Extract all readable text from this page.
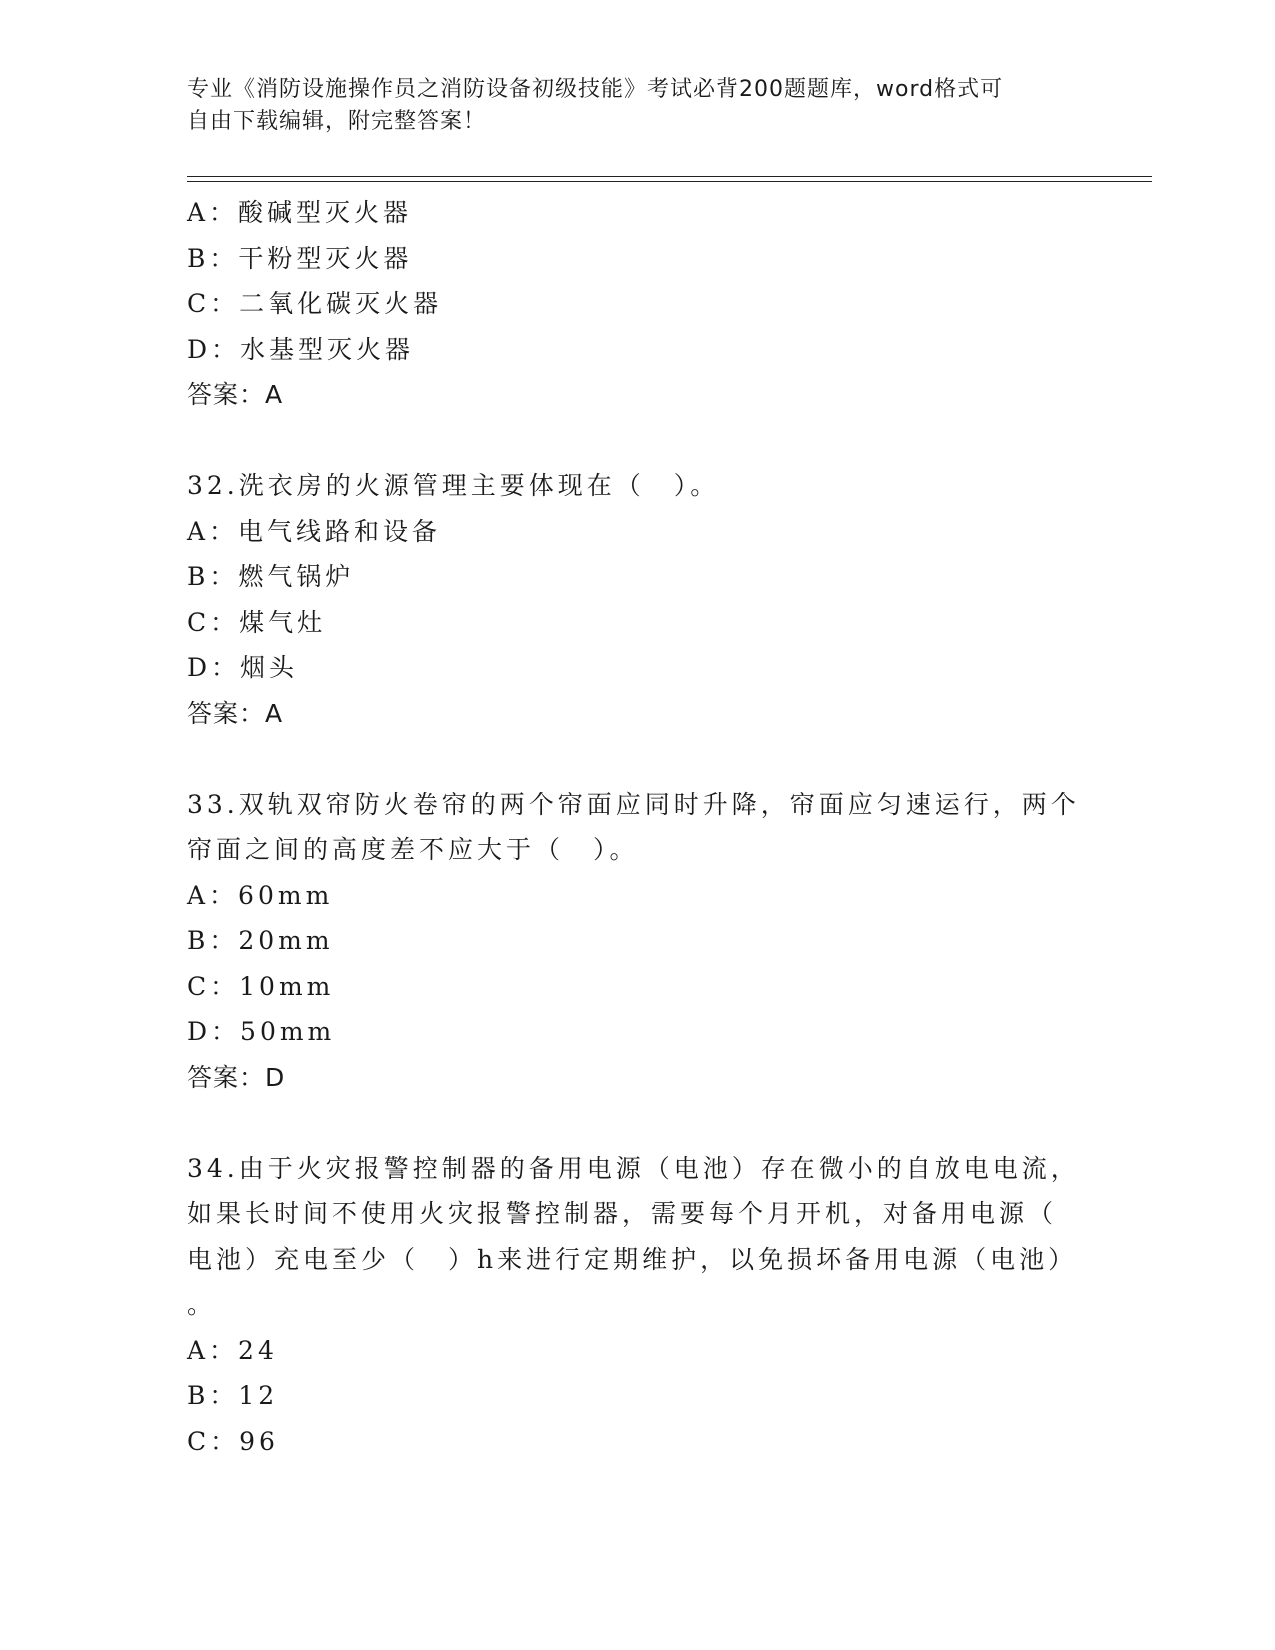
专业《消防设施操作员之消防设备初级技能》考试必背200题题库，word格式可
自由下载编辑，附完整答案！
A：酸碱型灭火器
B：干粉型灭火器
C：二氧化碳灭火器
D：水基型灭火器
答案：A
32.洗衣房的火源管理主要体现在（　）。
A：电气线路和设备
B：燃气锅炉
C：煤气灶
D：烟头
答案：A
33.双轨双帘防火卷帘的两个帘面应同时升降，帘面应匀速运行，两个
帘面之间的高度差不应大于（　）。
A：60mm
B：20mm
C：10mm
D：50mm
答案：D
34.由于火灾报警控制器的备用电源（电池）存在微小的自放电电流，
如果长时间不使用火灾报警控制器，需要每个月开机，对备用电源（
电池）充电至少（　）h来进行定期维护，以免损坏备用电源（电池）
。
A：24
B：12
C：96
